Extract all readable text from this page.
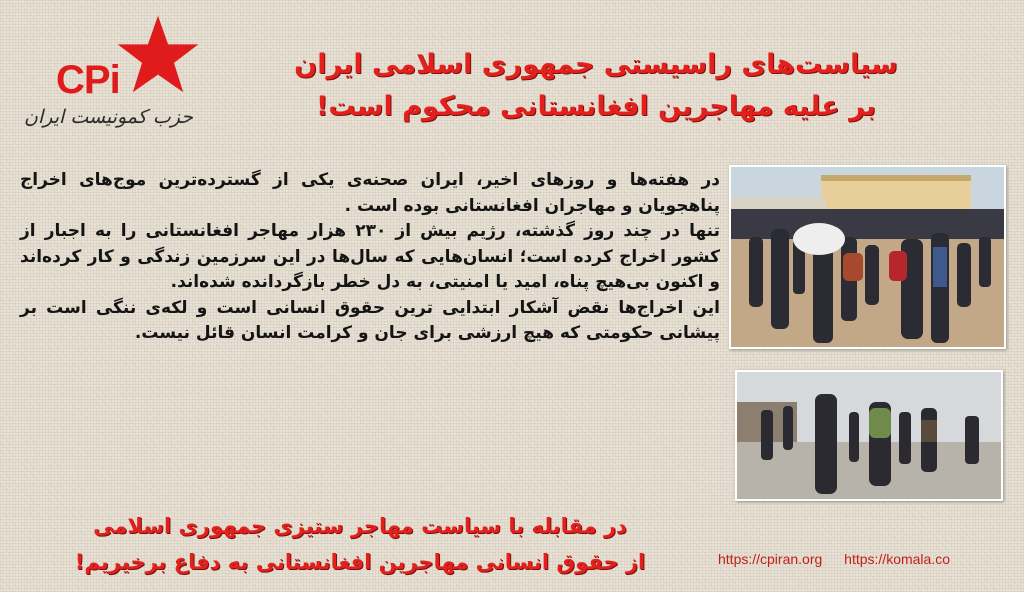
CPi
حزب کمونیست ایران
سیاست‌های راسیستی جمهوری اسلامی ایران
بر علیه مهاجرین افغانستانی محکوم است!

در هفته‌ها و روزهای اخیر، ایران صحنه‌ی یکی از گسترده‌ترین موج‌های اخراج پناهجویان و مهاجران افغانستانی بوده است .

تنها در چند روز گذشته، رژیم بیش از ۲۳۰ هزار مهاجر افغانستانی را به اجبار از کشور اخراج کرده است؛ انسان‌هایی که سال‌ها در این سرزمین زندگی و کار کرده‌اند و اکنون بی‌هیچ پناه، امید یا امنیتی، به دل خطر بازگردانده شده‌اند.

این اخراج‌ها نقض آشکار ابتدایی ترین حقوق انسانی است و لکه‌ی ننگی است بر پیشانی حکومتی که هیچ ارزشی برای جان و کرامت انسان قائل نیست.

در مقابله با سیاست مهاجر ستیزی جمهوری اسلامی
از حقوق انسانی مهاجرین افغانستانی به دفاع برخیریم!	https://cpiran.org https://komala.co
